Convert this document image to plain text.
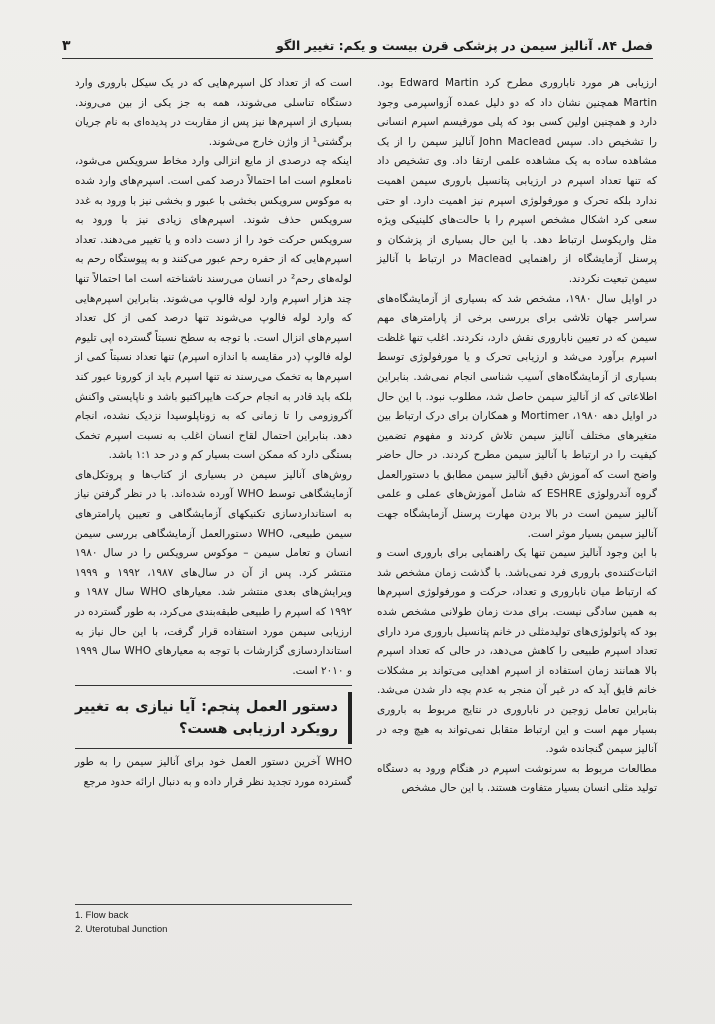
فصل ۸۴. آنالیز سیمن در پزشکی قرن بیست و یکم: تغییر الگو
۳

ارزیابی هر مورد ناباروری مطرح کرد Edward Martin بود. Martin همچنین نشان داد که دو دلیل عمده آزواسپرمی وجود دارد و همچنین اولین کسی بود که پلی مورفیسم اسپرم انسانی را تشخیص داد. سپس John Maclead آنالیز سیمن را از یک مشاهده ساده به یک مشاهده علمی ارتقا داد. وی تشخیص داد که تنها تعداد اسپرم در ارزیابی پتانسیل باروری سیمن اهمیت ندارد بلکه تحرک و مورفولوژی اسپرم نیز اهمیت دارد. او حتی سعی کرد اشکال مشخص اسپرم را با حالت‌های کلینیکی ویژه مثل واریکوسل ارتباط دهد. با این حال بسیاری از پزشکان و پرسنل آزمایشگاه از راهنمایی Maclead در ارتباط با آنالیز سیمن تبعیت نکردند.

در اوایل سال ۱۹۸۰، مشخص شد که بسیاری از آزمایشگاه‌های سراسر جهان تلاشی برای بررسی برخی از پارامترهای مهم سیمن که در تعیین ناباروری نقش دارد، نکردند. اغلب تنها غلظت اسپرم برآورد می‌شد و ارزیابی تحرک و یا مورفولوژی توسط بسیاری از آزمایشگاه‌های آسیب شناسی انجام نمی‌شد. بنابراین اطلاعاتی که از آنالیز سیمن حاصل شد، مطلوب نبود. با این حال در اوایل دهه ۱۹۸۰، Mortimer و همکاران برای درک ارتباط بین متغیرهای مختلف آنالیز سیمن تلاش کردند و مفهوم تضمین کیفیت را در ارتباط با آنالیز سیمن مطرح کردند. در حال حاضر واضح است که آموزش دقیق آنالیز سیمن مطابق با دستورالعمل گروه آندرولوژی ESHRE که شامل آموزش‌های عملی و علمی آنالیز سیمن است در بالا بردن مهارت پرسنل آزمایشگاه جهت آنالیز سیمن بسیار موثر است.

با این وجود آنالیز سیمن تنها یک راهنمایی برای باروری است و اثبات‌کننده‌ی باروری فرد نمی‌باشد. با گذشت زمان مشخص شد که ارتباط میان ناباروری و تعداد، حرکت و مورفولوژی اسپرم‌ها به همین سادگی نیست. برای مدت زمان طولانی مشخص شده بود که پاتولوژی‌های تولیدمثلی در خانم پتانسیل باروری مرد دارای تعداد اسپرم طبیعی را کاهش می‌دهد، در حالی که تعداد اسپرم بالا همانند زمان استفاده از اسپرم اهدایی می‌تواند بر مشکلات خانم فایق آید که در غیر آن منجر به عدم بچه دار شدن می‌شد. بنابراین تعامل زوجین در ناباروری در نتایج مربوط به باروری بسیار مهم است و این ارتباط متقابل نمی‌تواند به هیچ وجه در آنالیز سیمن گنجانده شود.

مطالعات مربوط به سرنوشت اسپرم در هنگام ورود به دستگاه تولید مثلی انسان بسیار متفاوت هستند. با این حال مشخص

است که از تعداد کل اسپرم‌هایی که در یک سیکل باروری وارد دستگاه تناسلی می‌شوند، همه به جز یکی از بین می‌روند. بسیاری از اسپرم‌ها نیز پس از مقاربت در پدیده‌ای به نام جریان برگشتی¹ از واژن خارج می‌شوند.

اینکه چه درصدی از مایع انزالی وارد مخاط سرویکس می‌شود، نامعلوم است اما احتمالاً درصد کمی است. اسپرم‌های وارد شده به موکوس سرویکس بخشی با عبور و بخشی نیز با ورود به غدد سرویکس حذف شوند. اسپرم‌های زیادی نیز با ورود به سرویکس حرکت خود را از دست داده و یا تغییر می‌دهند. تعداد اسپرم‌هایی که از حفره رحم عبور می‌کنند و به پیوستگاه رحم به لوله‌های رحم² در انسان می‌رسند ناشناخته است اما احتمالاً تنها چند هزار اسپرم وارد لوله فالوپ می‌شوند. بنابراین اسپرم‌هایی که وارد لوله فالوپ می‌شوند تنها درصد کمی از کل تعداد اسپرم‌های انزال است. با توجه به سطح نسبتاً گسترده اپی تلیوم لوله فالوپ (در مقایسه با اندازه اسپرم) تنها تعداد نسبتاً کمی از اسپرم‌ها به تخمک می‌رسند نه تنها اسپرم باید از کورونا عبور کند بلکه باید قادر به انجام حرکت هایپراکتیو باشد و ناپایستی واکنش آکروزومی را تا زمانی که به زوناپلوسیدا نزدیک نشده، انجام دهد. بنابراین احتمال لقاح انسان اغلب به نسبت اسپرم تخمک بستگی دارد که ممکن است بسیار کم و در حد ۱:۱ باشد.

روش‌های آنالیز سیمن در بسیاری از کتاب‌ها و پروتکل‌های آزمایشگاهی توسط WHO آورده شده‌اند. با در نظر گرفتن نیاز به استانداردسازی تکنیکهای آزمایشگاهی و تعیین پارامترهای سیمن طبیعی، WHO دستورالعمل آزمایشگاهی بررسی سیمن انسان و تعامل سیمن – موکوس سرویکس را در سال ۱۹۸۰ منتشر کرد. پس از آن در سال‌های ۱۹۸۷، ۱۹۹۲ و ۱۹۹۹ ویرایش‌های بعدی منتشر شد. معیارهای WHO سال ۱۹۸۷ و ۱۹۹۲ که اسپرم را طبیعی طبقه‌بندی می‌کرد، به طور گسترده در ارزیابی سیمن مورد استفاده قرار گرفت، با این حال نیاز به استانداردسازی گزارشات با توجه به معیارهای WHO سال ۱۹۹۹ و ۲۰۱۰ است.

دستور العمل پنجم: آیا نیازی به تغییر رویکرد ارزیابی هست؟

WHO آخرین دستور العمل خود برای آنالیز سیمن را به طور گسترده مورد تجدید نظر قرار داده و به دنبال ارائه حدود مرجع

1. Flow back
2. Uterotubal Junction
